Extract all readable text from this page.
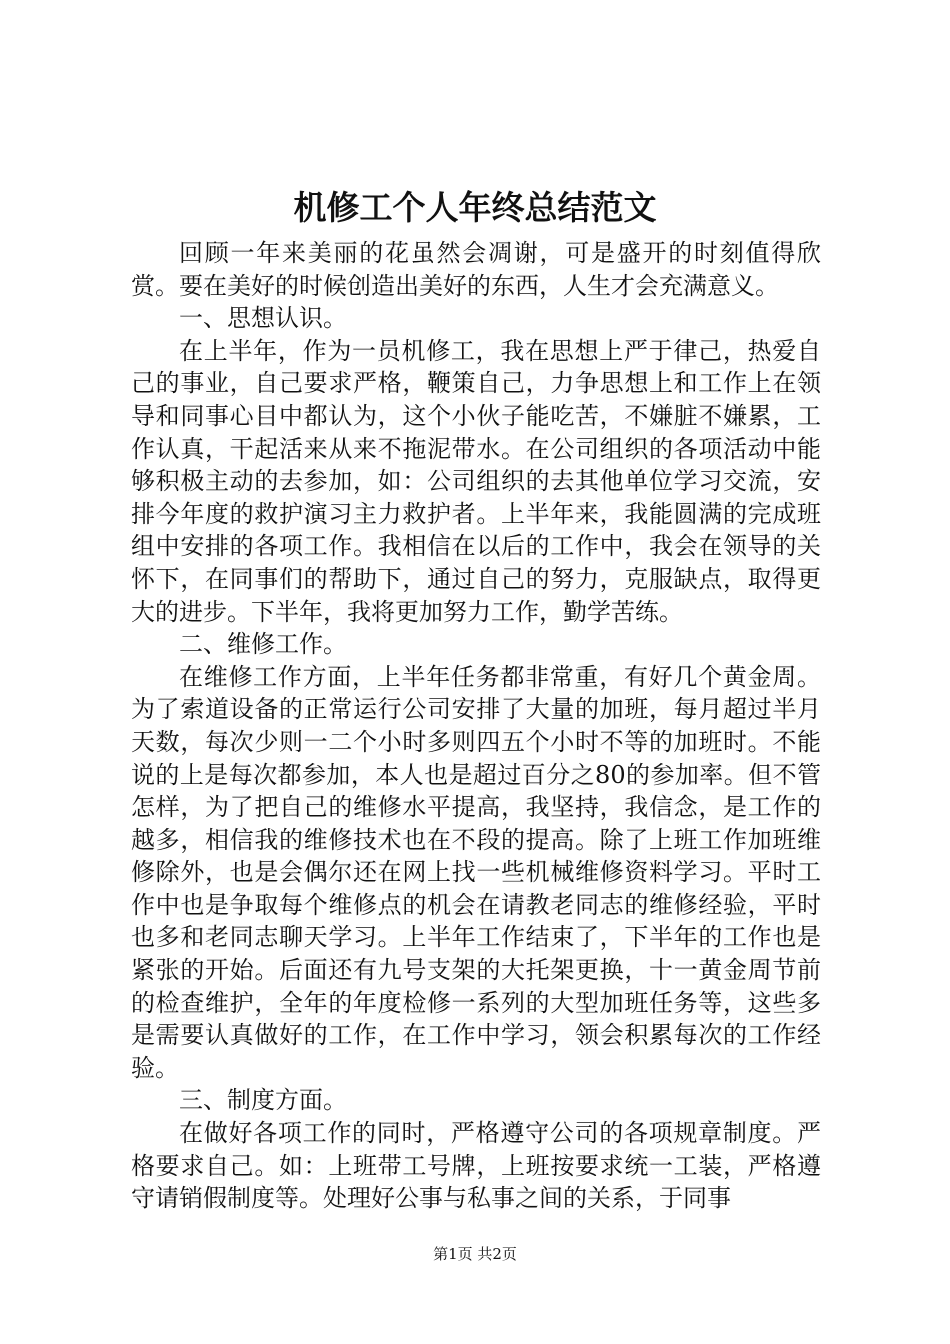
机修工个人年终总结范文

回顾一年来美丽的花虽然会凋谢，可是盛开的时刻值得欣赏。要在美好的时候创造出美好的东西，人生才会充满意义。

一、思想认识。

在上半年，作为一员机修工，我在思想上严于律己，热爱自己的事业，自己要求严格，鞭策自己，力争思想上和工作上在领导和同事心目中都认为，这个小伙子能吃苦，不嫌脏不嫌累，工作认真，干起活来从来不拖泥带水。在公司组织的各项活动中能够积极主动的去参加，如：公司组织的去其他单位学习交流，安排今年度的救护演习主力救护者。上半年来，我能圆满的完成班组中安排的各项工作。我相信在以后的工作中，我会在领导的关怀下，在同事们的帮助下，通过自己的努力，克服缺点，取得更大的进步。下半年，我将更加努力工作，勤学苦练。

二、维修工作。

在维修工作方面，上半年任务都非常重，有好几个黄金周。为了索道设备的正常运行公司安排了大量的加班，每月超过半月天数，每次少则一二个小时多则四五个小时不等的加班时。不能说的上是每次都参加，本人也是超过百分之80的参加率。但不管怎样，为了把自己的维修水平提高，我坚持，我信念，是工作的越多，相信我的维修技术也在不段的提高。除了上班工作加班维修除外，也是会偶尔还在网上找一些机械维修资料学习。平时工作中也是争取每个维修点的机会在请教老同志的维修经验，平时也多和老同志聊天学习。上半年工作结束了，下半年的工作也是紧张的开始。后面还有九号支架的大托架更换，十一黄金周节前的检查维护，全年的年度检修一系列的大型加班任务等，这些多是需要认真做好的工作，在工作中学习，领会积累每次的工作经验。

三、制度方面。

在做好各项工作的同时，严格遵守公司的各项规章制度。严格要求自己。如：上班带工号牌，上班按要求统一工装，严格遵守请销假制度等。处理好公事与私事之间的关系，于同事

第1页 共2页
